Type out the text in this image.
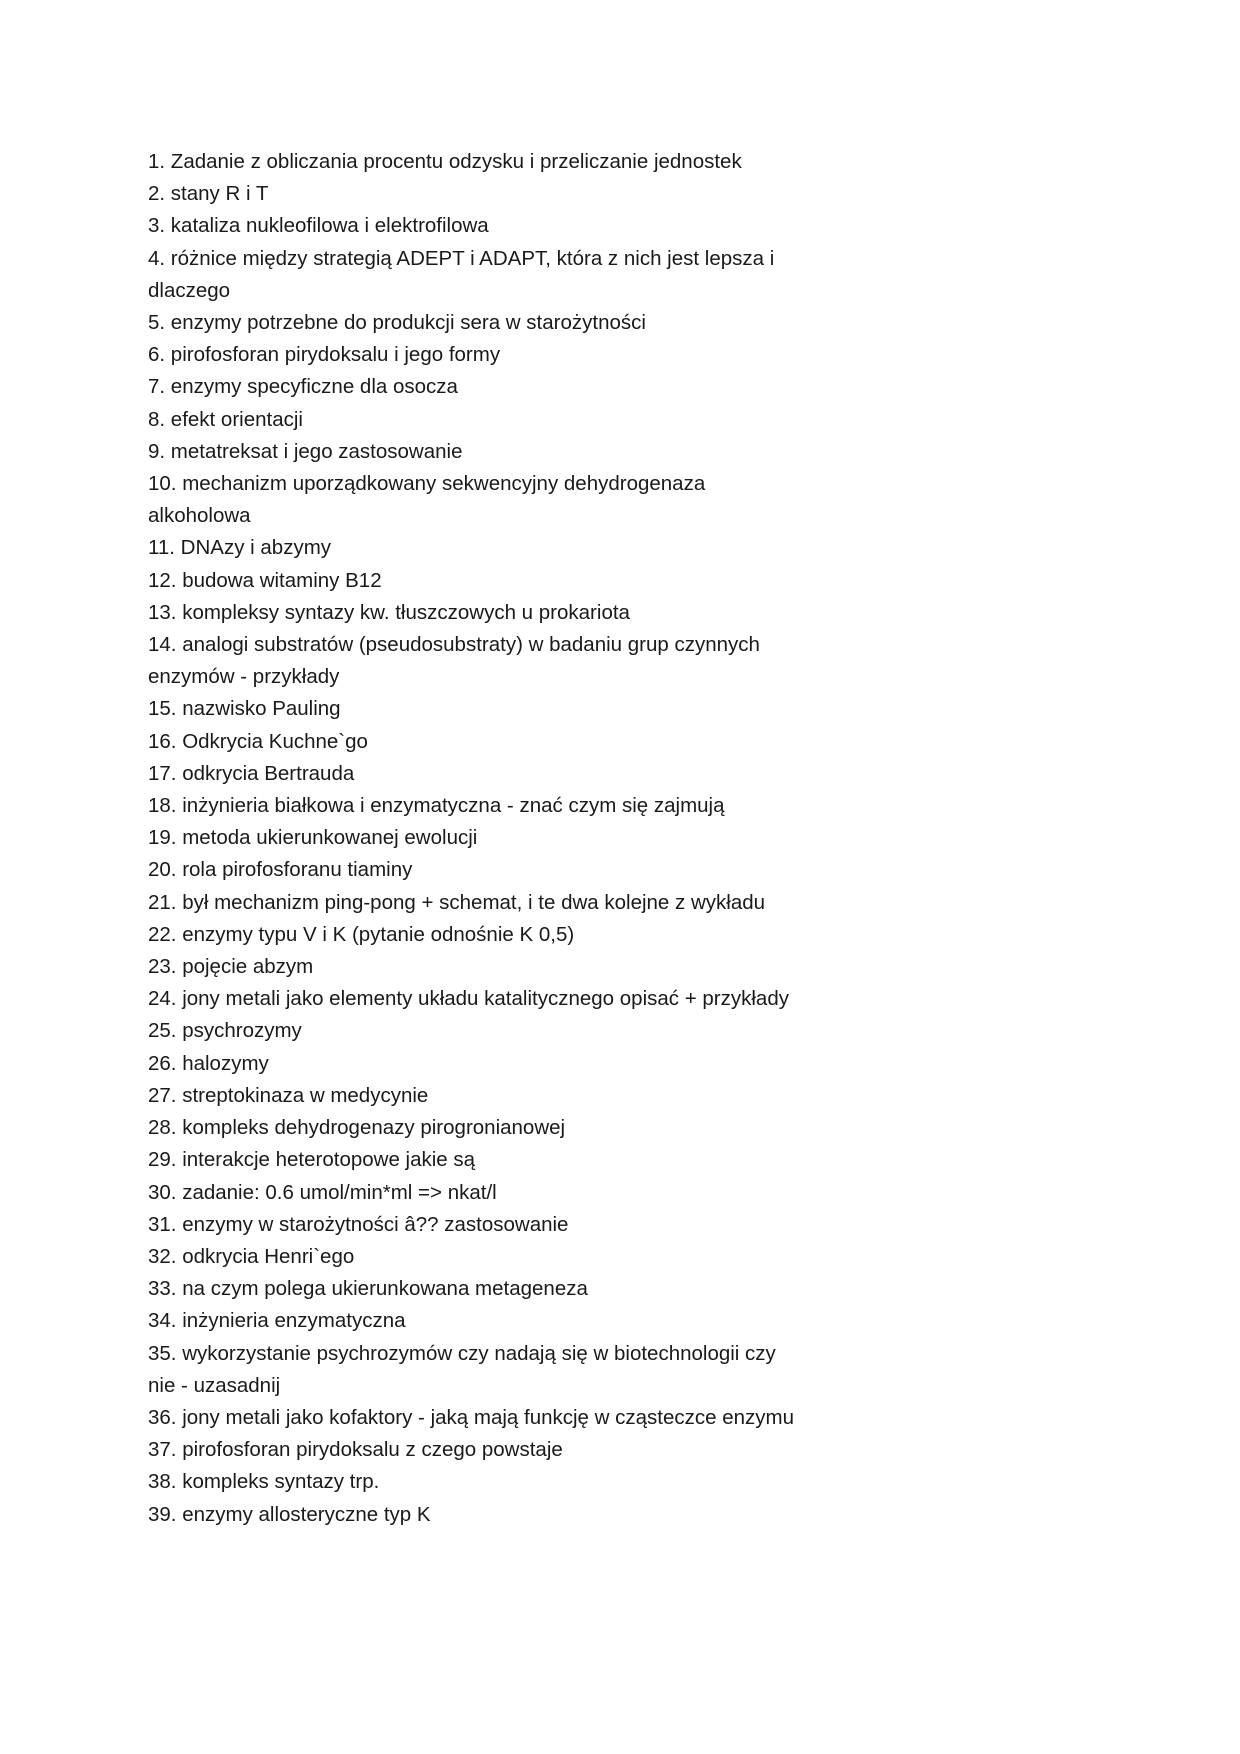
1. Zadanie z obliczania procentu odzysku i przeliczanie jednostek
2. stany R i T
3. kataliza nukleofilowa i elektrofilowa
4. różnice między strategią ADEPT i ADAPT, która z nich jest lepsza i dlaczego
5. enzymy potrzebne do produkcji sera w starożytności
6. pirofosforan pirydoksalu i jego formy
7. enzymy specyficzne dla osocza
8. efekt orientacji
9. metatreksat i jego zastosowanie
10. mechanizm uporządkowany sekwencyjny dehydrogenaza alkoholowa
11. DNAzy i abzymy
12. budowa witaminy B12
13. kompleksy syntazy kw. tłuszczowych u prokariota
14. analogi substratów (pseudosubstraty) w badaniu grup czynnych enzymów - przykłady
15. nazwisko Pauling
16. Odkrycia Kuchne`go
17. odkrycia Bertrauda
18. inżynieria białkowa i enzymatyczna - znać czym się zajmują
19. metoda ukierunkowanej ewolucji
20. rola pirofosforanu tiaminy
21. był mechanizm ping-pong + schemat, i te dwa kolejne z wykładu
22. enzymy typu V i K (pytanie odnośnie K 0,5)
23. pojęcie abzym
24. jony metali jako elementy układu katalitycznego opisać + przykłady
25. psychrozymy
26. halozymy
27. streptokinaza w medycynie
28. kompleks dehydrogenazy pirogronianowej
29. interakcje heterotopowe jakie są
30. zadanie: 0.6 umol/min*ml => nkat/l
31. enzymy w starożytności â?? zastosowanie
32. odkrycia Henri`ego
33. na czym polega ukierunkowana metageneza
34. inżynieria enzymatyczna
35. wykorzystanie psychrozymów czy nadają się w biotechnologii czy nie - uzasadnij
36. jony metali jako kofaktory - jaką mają funkcję w cząsteczce enzymu
37. pirofosforan pirydoksalu z czego powstaje
38. kompleks syntazy trp.
39. enzymy allosteryczne typ K
